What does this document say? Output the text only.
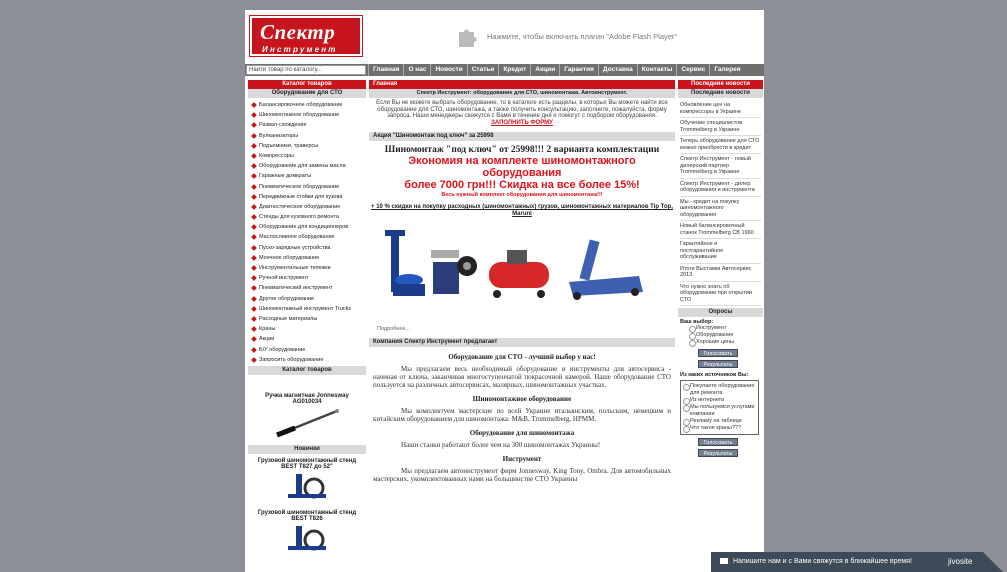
Спектр
Инструмент
Нажмите, чтобы включить плагин "Adobe Flash Player"
Найти товар по каталогу...
Главная	О нас	Новости	Статьи	Кредит	Акции	Гарантия	Доставка	Контакты	Сервис	Галерея
Каталог товаров
Оборудование для СТО
Балансировочное оборудование
Шиномонтажное оборудование
Развал-схождение
Вулканизаторы
Подъемники, траверсы
Компрессоры
Оборудование для замены масла
Гаражные домкраты
Пневматическое оборудование
Передвижные стойки для кузова
Диагностическое оборудование
Стенды для кузовного ремонта
Оборудование для кондиционеров
Маслосливное оборудование
Пуско-зарядные устройства
Моечное оборудование
Инструментальные тележки
Ручной инструмент
Пневматический инструмент
Другое оборудование
Шиномонтажный инструмент Trucks
Расходные материалы
Краны
Акции
Б/У оборудование
Запросить оборудование
Каталог товаров
Ручка магнитная Jonnesway AG010034
Новинки
Грузовой шиномонтажный стенд BEST T827 до 52"
Грузовой шиномонтажный стенд BEST T826
Главная
Спектр Инструмент: оборудование для СТО, шиномонтажа. Автоинструмент.
Если Вы не можете выбрать оборудование, то в каталоге есть разделы, в которых Вы можете найти все оборудование для СТО, шиномонтажа, а также получить консультацию, заполните, пожалуйста, форму запроса. Наши менеджеры свяжутся с Вами в течение дня и помогут с подбором оборудования.
ЗАПОЛНИТЬ ФОРМУ
Акция "Шиномонтаж под ключ" за 25998
Шиномонтаж "под ключ" от 25998!!! 2 варианта комплектации
Экономия на комплекте шиномонтажного оборудования
более 7000 грн!!! Скидка на все более 15%!
Весь нужный комплект оборудования для шиномонтажа!!!
+ 10 % скидки на покупку расходных (шиномонтажных) грузов, шиномонтажных материалов Tip Top, Maruni
Подробнее...
Компания Спектр Инструмент предлагает
Оборудование для СТО - лучший выбор у нас!

Мы предлагаем весь необходимый оборудование и инструменты для автосервиса - начиная от ключа, заканчивая многоступенчатой покрасочной камерой. Наше оборудование СТО пользуется на различных автосервисах, малярных, шиномонтажных участках.

Шиномонтажное оборудование

Мы комплектуем мастерские по всей Украине итальянским, польским, немецким и китайским оборудованием для шиномонтажа: M&B, Trommelberg, HPMM.

Оборудование для шиномонтажа

Наши станки работают более чем на 300 шиномонтажах Украины!

Инструмент

Мы предлагаем автоинструмент фирм Jonnesway, King Tony, Ombra. Для автомобильных мастерских, укомплектованных нами на большинстве СТО Украины

Последние новости
Последние новости
Обновление цен на компрессоры в Украине
Обучение специалистов Trommelberg в Украине
Теперь оборудование для СТО можно приобрести в кредит
Спектр Инструмент - новый дилерский партнер Trommelberg в Украине
Спектр Инструмент - дилер оборудования и инструмента
Мы - кредит на покупку шиномонтажного оборудования
Новый балансировочный станок Trommelberg CB 1960
Гарантийное и постгарантийное обслуживание
Итоги Выставки Автосервис 2013
Что нужно знать об оборудовании при открытии СТО
Опросы
Ваш выбор:
Инструмент
Оборудование
Хорошие цены
Голосовать
Результаты
Из каких источников Вы:
Покупаете оборудование для ремонта
Из интернета
Мы пользуемся услугами компании
Рекламу на таблице
Что такое краны???
Голосовать
Результаты
Напишите нам и с Вами свяжутся в ближайшее время!	jivosite
